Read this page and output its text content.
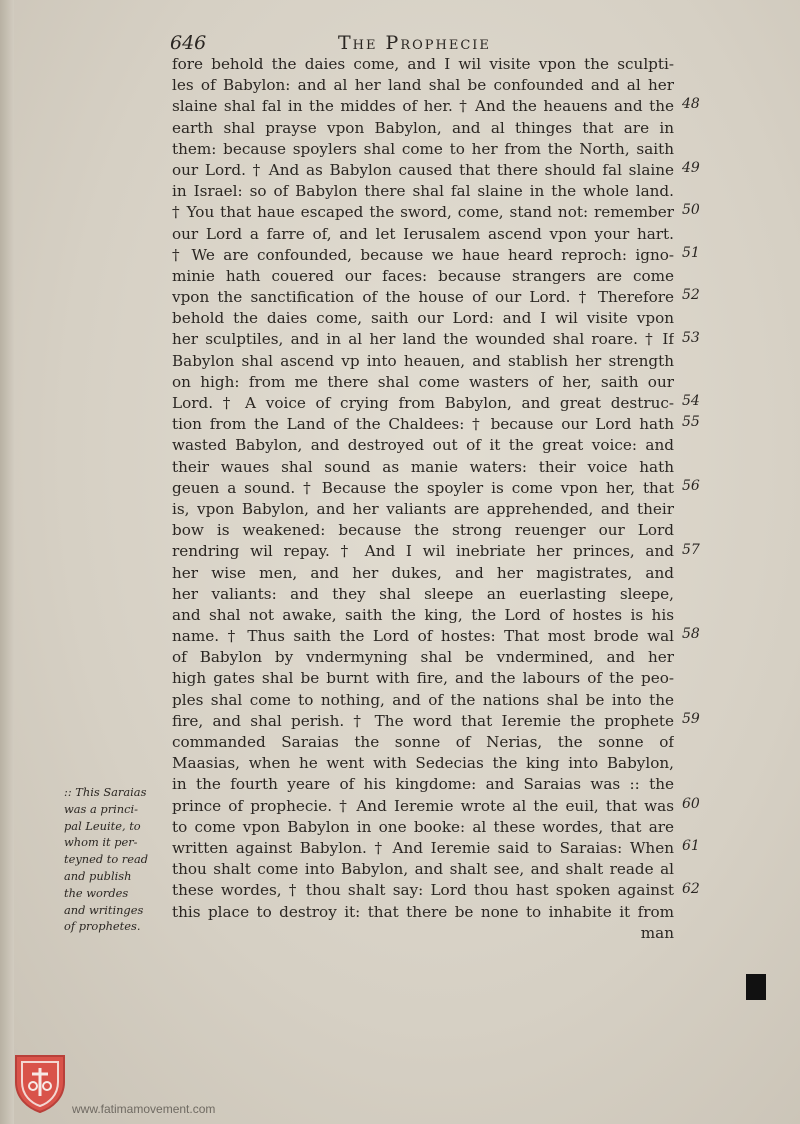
646	The Prophecie
fore behold the daies come, and I wil visite vpon the sculpti-
les of Babylon: and al her land shal be confounded and al her
slaine shal fal in the middes of her. † And the heauens and the
earth shal prayse vpon Babylon, and al thinges that are in
them: because spoylers shal come to her from the North, saith
our Lord. † And as Babylon caused that there should fal slaine
in Israel: so of Babylon there shal fal slaine in the whole land.
† You that haue escaped the sword, come, stand not: remember
our Lord a farre of, and let Ierusalem ascend vpon your hart.
† We are confounded, because we haue heard reproch: igno-
minie hath couered our faces: because strangers are come
vpon the sanctification of the house of our Lord. † Therefore
behold the daies come, saith our Lord: and I wil visite vpon
her sculptiles, and in al her land the wounded shal roare. † If
Babylon shal ascend vp into heauen, and stablish her strength
on high: from me there shal come wasters of her, saith our
Lord. † A voice of crying from Babylon, and great destruc-
tion from the Land of the Chaldees: † because our Lord hath
wasted Babylon, and destroyed out of it the great voice: and
their waues shal sound as manie waters: their voice hath
geuen a sound. † Because the spoyler is come vpon her, that
is, vpon Babylon, and her valiants are apprehended, and their
bow is weakened: because the strong reuenger our Lord
rendring wil repay. † And I wil inebriate her princes, and
her wise men, and her dukes, and her magistrates, and
her valiants: and they shal sleepe an euerlasting sleepe,
and shal not awake, saith the king, the Lord of hostes is his
name. † Thus saith the Lord of hostes: That most brode wal
of Babylon by vndermyning shal be vndermined, and her
high gates shal be burnt with fire, and the labours of the peo-
ples shal come to nothing, and of the nations shal be into the
fire, and shal perish. † The word that Ieremie the prophete
commanded Saraias the sonne of Nerias, the sonne of
Maasias, when he went with Sedecias the king into Babylon,
in the fourth yeare of his kingdome: and Saraias was :: the
prince of prophecie. † And Ieremie wrote al the euil, that was
to come vpon Babylon in one booke: al these wordes, that are
written against Babylon. † And Ieremie said to Saraias: When
thou shalt come into Babylon, and shalt see, and shalt reade al
these wordes, † thou shalt say: Lord thou hast spoken against
this place to destroy it: that there be none to inhabite it from
man
48
49
50
51
52
53
54
55
56
57
58
59
60
61
62
:: This Saraias
was a princi-
pal Leuite, to
whom it per-
teyned to read
and publish
the wordes
and writinges
of prophetes.
www.fatimamovement.com
